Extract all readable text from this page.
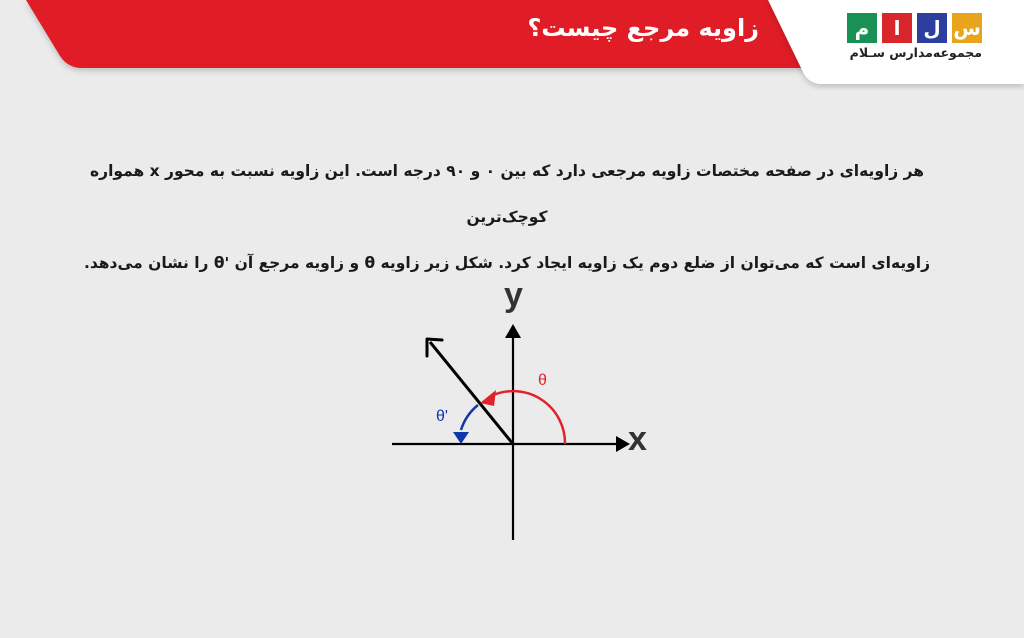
زاویه مرجع چیست؟	س
ل
ا
م
مجموعه‌مدارس سـلام

هر زاویه‌ای در صفحه مختصات زاویه مرجعی دارد که بین ۰ و ۹۰ درجه است. این زاویه نسبت به محور x همواره کوچک‌ترین

زاویه‌ای است که می‌توان از ضلع دوم یک زاویه ایجاد کرد. شکل زیر زاویه θ و زاویه مرجع آن 'θ را نشان می‌دهد.

x
y
θ
θ'
